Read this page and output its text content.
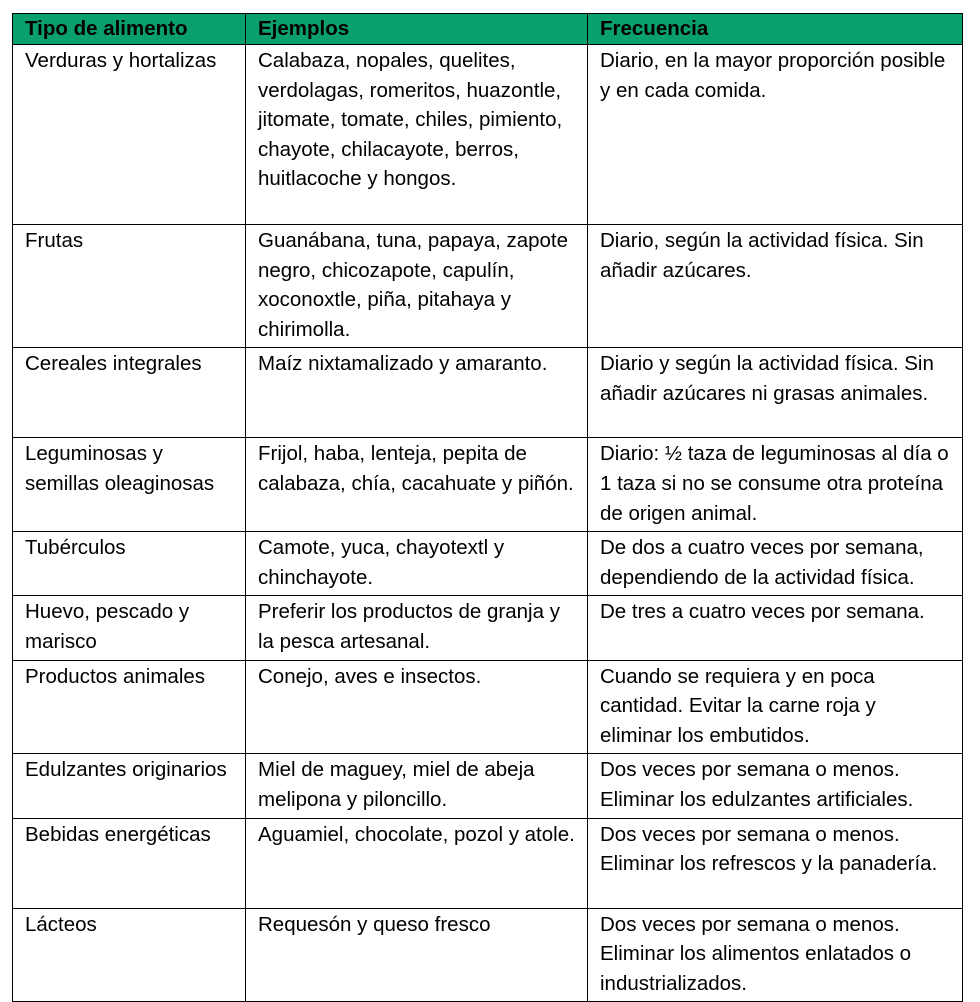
Tipo de alimento	Ejemplos	Frecuencia
Verduras y hortalizas	Calabaza, nopales, quelites, verdolagas, romeritos, huazontle, jitomate, tomate, chiles, pimiento, chayote, chilacayote, berros, huitlacoche y hongos.	Diario, en la mayor proporción posible y en cada comida.
Frutas	Guanábana, tuna, papaya, zapote negro, chicozapote, capulín, xoconoxtle, piña, pitahaya y chirimolla.	Diario, según la actividad física. Sin añadir azúcares.
Cereales integrales	Maíz nixtamalizado y amaranto.	Diario y según la actividad física. Sin añadir azúcares ni grasas animales.
Leguminosas y semillas oleaginosas	Frijol, haba, lenteja, pepita de calabaza, chía, cacahuate y piñón.	Diario: ½ taza de leguminosas al día o 1 taza si no se consume otra proteína de origen animal.
Tubérculos	Camote, yuca, chayotextl y chinchayote.	De dos a cuatro veces por semana, dependiendo de la actividad física.
Huevo, pescado y marisco	Preferir los productos de granja y la pesca artesanal.	De tres a cuatro veces por semana.
Productos animales	Conejo, aves e insectos.	Cuando se requiera y en poca cantidad. Evitar la carne roja y eliminar los embutidos.
Edulzantes originarios	Miel de maguey, miel de abeja melipona y piloncillo.	Dos veces por semana o menos. Eliminar los edulzantes artificiales.
Bebidas energéticas	Aguamiel, chocolate, pozol y atole.	Dos veces por semana o menos. Eliminar los refrescos y la panadería.
Lácteos	Requesón y queso fresco	Dos veces por semana o menos. Eliminar los alimentos enlatados o industrializados.
